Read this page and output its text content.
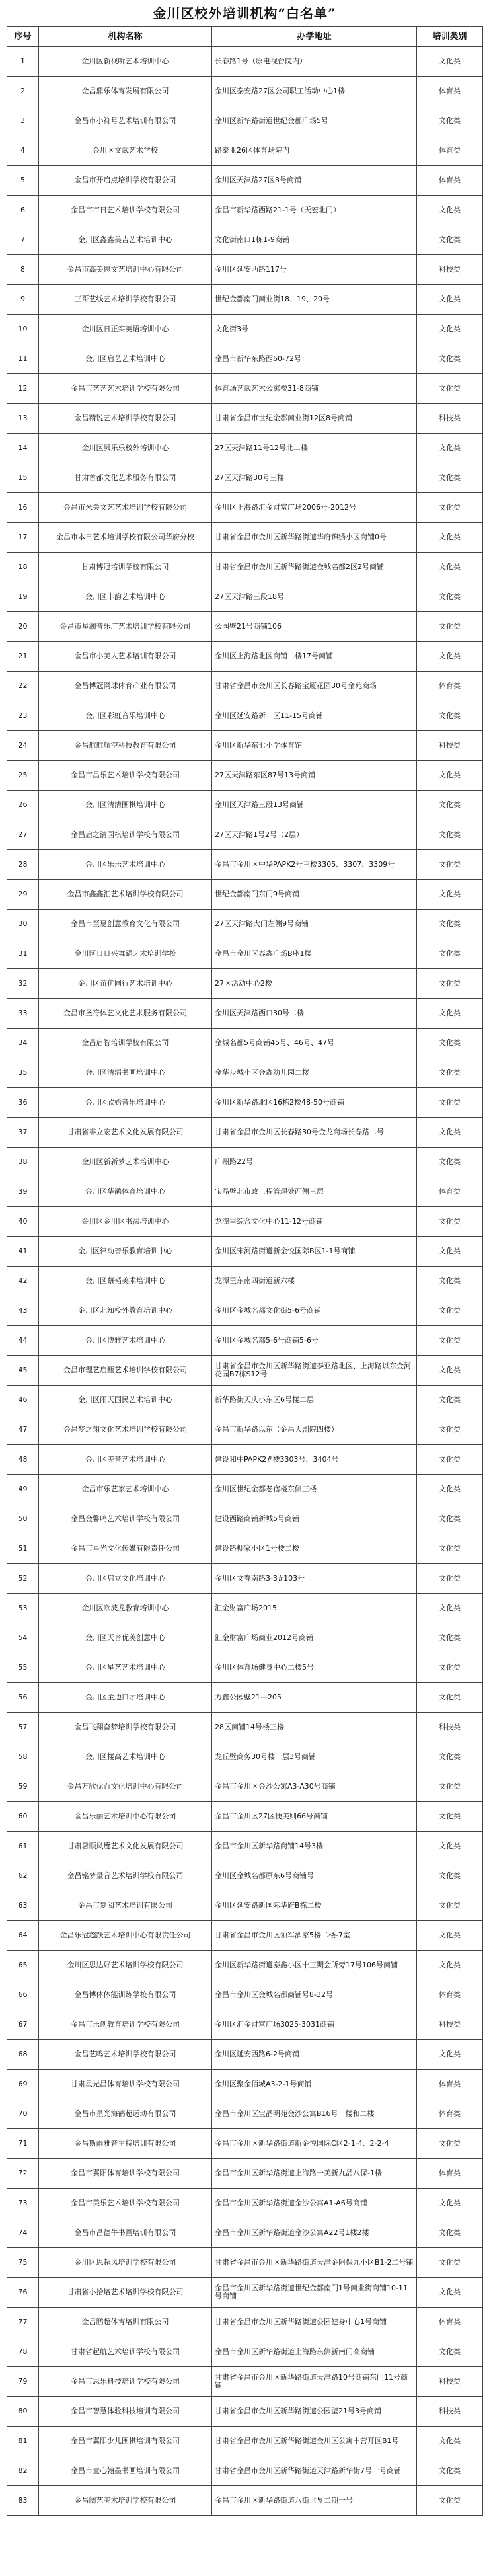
金川区校外培训机构“白名单”
序号	机构名称	办学地址	培训类别
1	金川区新视听艺术培训中心	长春路1号（原电视台院内）	文化类
2	金昌鼎乐体育发展有限公司	金川区泰安路27区公司职工活动中心1楼	体育类
3	金昌市小符号艺术培训有限公司	金川区新华路街道世纪金都广场5号	文化类
4	金川区文武艺术学校	路泰亚26区体育场院内	体育类
5	金昌市开启点培训学校有限公司	金川区天津路27区3号商铺	体育类
6	金昌市市日艺术培训学校有限公司	金昌市新华路西路21-1号（天宏北门）	文化类
7	金川区鑫鑫美吉艺术培训中心	文化街南口1栋1-9商铺	文化类
8	金昌市高美思文艺培训中心有限公司	金川区延安西路117号	科技类
9	三哥艺线艺术培训学校有限公司	世纪金都南门商业街18、19、20号	文化类
10	金川区日正实英语培训中心	文化街3号	文化类
11	金川区启艺艺术培训中心	金昌市新华东路西60-72号	文化类
12	金昌市艺艺艺术培训学校有限公司	体育场艺武艺术公寓楼31-8商铺	文化类
13	金昌精锐艺术培训学校有限公司	甘肃省金昌市世纪金都商业街12区8号商铺	科技类
14	金川区贝乐乐校外培训中心	27区天津路11号12号北二楼	文化类
15	甘肃首都文化艺术服务有限公司	27区天津路30号三楼	文化类
16	金昌市米关文艺艺术培训学校有限公司	金川区上海路汇金财富广场2006号-2012号	文化类
17	金昌市本日艺术培训学校有限公司华府分校	甘肃省金昌市金川区新华路街道华府锦绣小区商铺0号	文化类
18	甘肃博冠培训学校有限公司	甘肃省金昌市金川区新华路街道金城名都2区2号商铺	文化类
19	金川区丰韵艺术培训中心	27区天津路三段18号	文化类
20	金昌市星澜音乐广艺术培训学校有限公司	公园壁21号商铺106	文化类
21	金昌市小美人艺术培训有限公司	金川区上海路北区商铺二楼17号商铺	文化类
22	金昌博冠网球体育产业有限公司	甘肃省金昌市金川区长春路宝厦花园30号金苑商场	体育类
23	金川区彩虹音乐培训中心	金川区延安路新一区11-15号商铺	文化类
24	金昌航航航空科技教育有限公司	金川区新华东七小学体育馆	科技类
25	金昌市昌乐艺术培训学校有限公司	27区天津路东区87号13号商铺	文化类
26	金川区清清围棋培训中心	金川区天津路三段13号商铺	文化类
27	金昌启之清园棋培训学校有限公司	27区天津路1号2号（2层）	文化类
28	金川区乐乐艺术培训中心	金昌市金川区中华PAPK2号三楼3305、3307、3309号	文化类
29	金昌市鑫鑫汇艺术培训学校有限公司	世纪金都南门东门9号商铺	文化类
30	金昌市至夏创意教育文化有限公司	27区天津路大门左侧9号商铺	文化类
31	金川区日日兴舞蹈艺术培训学校	金昌市金川区泰鑫广场B座1楼	文化类
32	金川区苗优同行艺术培训中心	27区活动中心2楼	文化类
33	金昌市圣符体艺文化艺术服务有限公司	金川区天津路西口30号二楼	文化类
34	金昌启智培训学校有限公司	金城名都5号商铺45号、46号、47号	文化类
35	金川区清涓书画培训中心	金华步城小区金鑫幼儿园二楼	文化类
36	金川区欣始音乐培训中心	金川区新华路北区16栋2楼48-50号商铺	文化类
37	甘肃省睿立宏艺术文化发展有限公司	甘肃省金昌市金川区长春路30号金龙商场长春路二号	文化类
38	金川区新新梦艺术培训中心	广州路22号	文化类
39	金川区华鹊体育培训中心	宝晶壁北市政工程管理处西侧三层	体育类
40	金川区金川区书法培训中心	龙潭里综合文化中心11-12号商铺	文化类
41	金川区律动音乐教育培训中心	金川区宋河路街道新金悦国际B区1-1号商铺	文化类
42	金川区蔡韬美术培训中心	龙潭里东南四街道新六楼	文化类
43	金川区北知校外教育培训中心	金川区金城名都文化街5-6号商铺	文化类
44	金川区博雅艺术培训中心	金川区金城名都5-6号商铺5-6号	文化类
45	金昌市理艺启甄艺术培训学校有限公司	甘肃省金昌市金川区新华路街道泰亚路北区、上海路以东金河花园B7栋S12号	文化类
46	金川区雨天国民艺术培训中心	新华路街天庆小东区6号楼二层	文化类
47	金昌梦之翔文化艺术培训学校有限公司	金昌市新华路以东（金昌大剧院四楼）	文化类
48	金川区美音艺术培训中心	建设和中PAPK2#楼3303号、3404号	文化类
49	金昌市乐艺家艺术培训中心	金川区世纪金都老宿楼东侧三楼	文化类
50	金昌金馨鸣艺术培训学校有限公司	建设西路商铺新城5号商铺	文化类
51	金昌市星光文化传媒有限责任公司	建设路柳家小区1号楼二楼	文化类
52	金川区启立文化培训中心	金川区文春南路3-3#103号	文化类
53	金川区欧波龙教育培训中心	汇金财富广场2015	文化类
54	金川区天音优美创意中心	汇金财富广场商业2012号商铺	文化类
55	金川区星艺艺术培训中心	金川区体育场健身中心二楼5号	文化类
56	金川区主边口才培训中心	力鑫公园壁21—205	文化类
57	金昌飞翔奋梦培训学校有限公司	28区商铺14号楼三楼	科技类
58	金川区楼高艺术培训中心	龙丘壁商务30号楼一层3号商铺	文化类
59	金昌万欣优百文化培训中心有限公司	金昌市金川区金沙公寓A3-A30号商铺	文化类
60	金昌乐丽艺术培训中心有限公司	金昌市金川区27区便美则66号商铺	文化类
61	甘肃暑顺凤鹰艺术文化发展有限公司	金昌市金川区新华路商铺14号3楼	文化类
62	金昌铭梦量音艺术培训学校有限公司	金川区金城名都原东6号商铺号	文化类
63	金昌市复阅艺术培训有限公司	金川区延安路新国际华府B栋二楼	文化类
64	金昌乐冠超跃艺术培训中心有限责任公司	甘肃省金昌市金川区领军酒家5楼二楼-7室	文化类
65	金川区思达好艺术培训学校有限公司	金川区新华路街道泰鑫小区十三期会所旁17号106号商铺	文化类
66	金昌博体体能训练学校有限公司	金昌市金川区金城名都商铺号8-32号	体育类
67	金昌市乐创教育培训学校有限公司	金川区汇金财富广场3025-3031商铺	科技类
68	金昌艺鸣艺术培训学校有限公司	金川区延安西路6-2号商铺	文化类
69	甘肃星光昌体育培训学校有限公司	金川区聚金佰城A3-2-1号商铺	体育类
70	金昌市星光海鹤超运动有限公司	金昌市金川区宝晶明苑金沙公寓B16号一楼和二楼	体育类
71	金昌斯雨雅音主持培训有限公司	金昌市金川区新华路街道新金悦国际C区2-1-4、2-2-4	文化类
72	金昌市翼阳体育培训学校有限公司	金昌市金川区新华路街道上海路一美新九晶八保-1楼	体育类
73	金昌市美乐艺术培训学校有限公司	金昌市金川区新华路街道金沙公寓A1-A6号商铺	文化类
74	金昌市昌德牛书画培训有限公司	金昌市金川区新华路街道金沙公寓A22号1楼2楼	文化类
75	金川区思超风培训学校有限公司	甘肃省金昌市金川区新华路街道天津金阿保九小区B1-2二号铺	文化类
76	甘肃省小拾培艺术培训学校有限公司	金昌市金川区新华路街道世纪金都南门1号商业街商铺10-11号商铺	文化类
77	金昌鹏超体育培训有限公司	甘肃省金昌市金川区新华路街道公园健身中心1号商铺	体育类
78	甘肃省起航艺术培训学校有限公司	金昌市金川区新华路街道上海路东侧新南门高商铺	文化类
79	金昌市思乐科技培训学校有限公司	甘肃省金昌市金川区新华路街道天津路10号商铺东门11号商铺	科技类
80	金昌市智慧体验科技培训有限公司	甘肃省金昌市金川区新华路街道公园壁21号3号商铺	科技类
81	金昌市翼阳少儿围棋培训有限公司	甘肃省金昌市金川区新华路街道金川区公寓中营开区B1号	文化类
82	金昌市童心翰墨书画培训有限公司	甘肃省金昌市金川区新华路街道天津路新华街7号一号商铺	文化类
83	金昌阔艺美术培训学校有限公司	金昌市金川区新华路街道八街世界二期一号	文化类
